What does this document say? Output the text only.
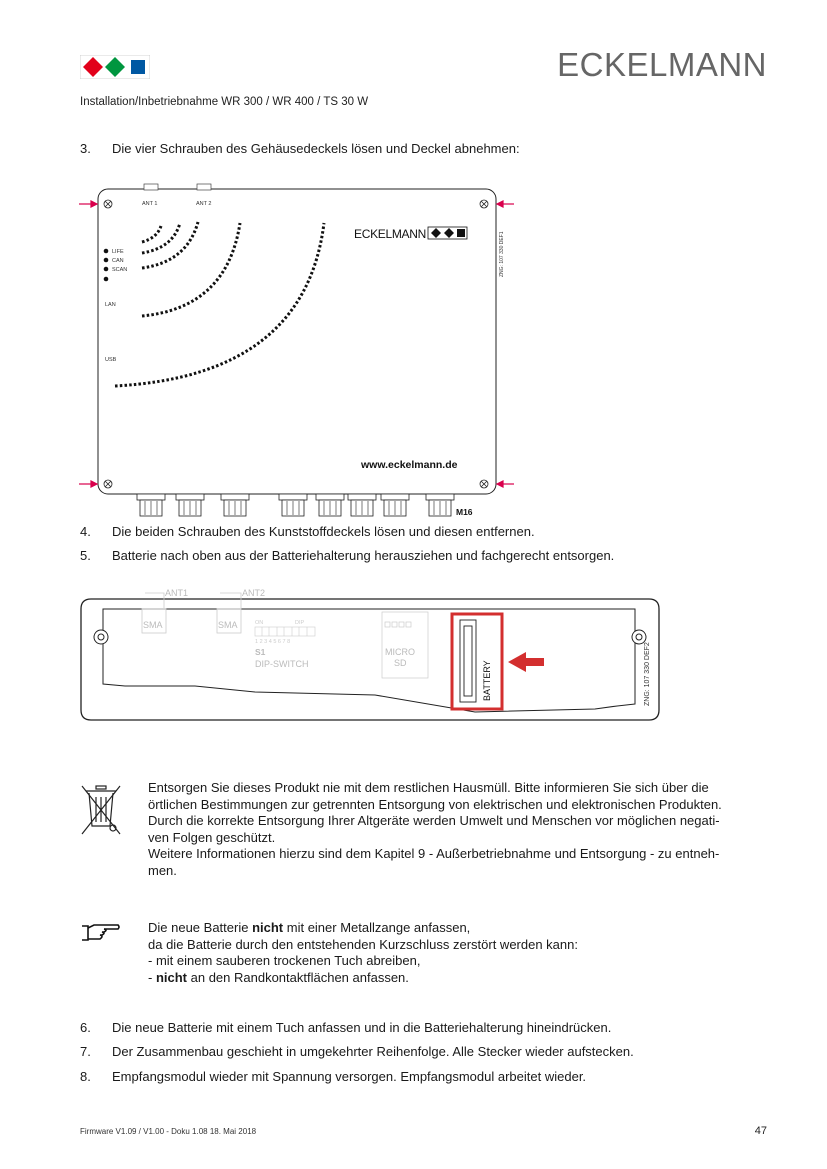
ECKELMANN
Installation/Inbetriebnahme WR 300 / WR 400 / TS 30 W
3. Die vier Schrauben des Gehäusedeckels lösen und Deckel abnehmen:
ANT 1	ANT 2
ECKELMANN	ZNG: 107 330 DEF1
LIFE
CAN
SCAN
LAN
USB
www.eckelmann.de
M16
4. Die beiden Schrauben des Kunststoffdeckels lösen und diesen entfernen.
5. Batterie nach oben aus der Batteriehalterung herausziehen und fachgerecht entsorgen.
ANT1	ANT2
SMA	SMA	ON	DIP
1 2 3 4 5 6 7 8
S1
DIP-SWITCH
MICRO
SD	BATTERY	ZNG: 107 330 DEF2
Entsorgen Sie dieses Produkt nie mit dem restlichen Hausmüll. Bitte informieren Sie sich über die
örtlichen Bestimmungen zur getrennten Entsorgung von elektrischen und elektronischen Produkten.
Durch die korrekte Entsorgung Ihrer Altgeräte werden Umwelt und Menschen vor möglichen negati-
ven Folgen geschützt.
Weitere Informationen hierzu sind dem Kapitel 9 - Außerbetriebnahme und Entsorgung - zu entneh-
men.
Die neue Batterie nicht mit einer Metallzange anfassen,
da die Batterie durch den entstehenden Kurzschluss zerstört werden kann:
- mit einem sauberen trockenen Tuch abreiben,
- nicht an den Randkontaktflächen anfassen.
6. Die neue Batterie mit einem Tuch anfassen und in die Batteriehalterung hineindrücken.
7. Der Zusammenbau geschieht in umgekehrter Reihenfolge. Alle Stecker wieder aufstecken.
8. Empfangsmodul wieder mit Spannung versorgen. Empfangsmodul arbeitet wieder.
Firmware V1.09 / V1.00 - Doku 1.08 18. Mai 2018	47
